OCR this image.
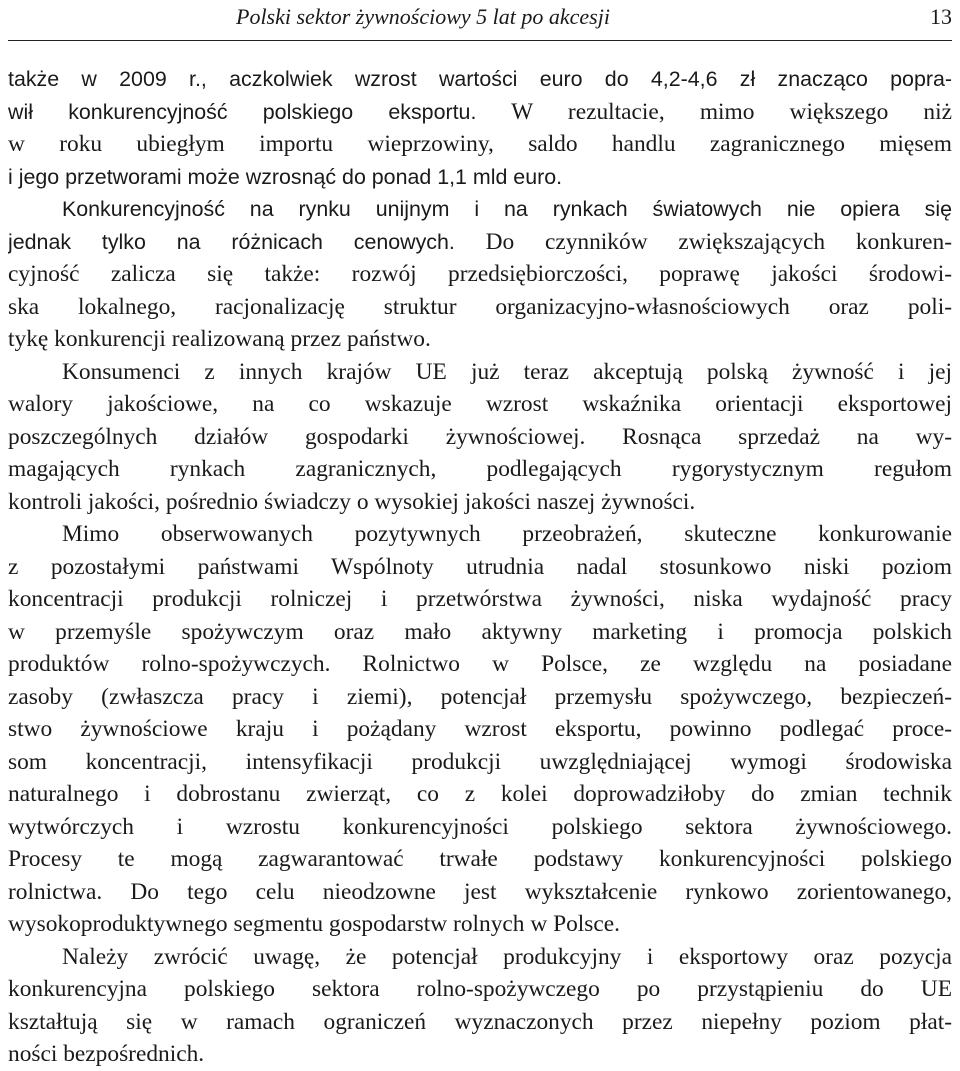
Polski sektor żywnościowy 5 lat po akcesji	13
także w 2009 r., aczkolwiek wzrost wartości euro do 4,2-4,6 zł znacząco popra-
wił konkurencyjność polskiego eksportu. W rezultacie, mimo większego niż
w roku ubiegłym importu wieprzowiny, saldo handlu zagranicznego mięsem
i jego przetworami może wzrosnąć do ponad 1,1 mld euro.
Konkurencyjność na rynku unijnym i na rynkach światowych nie opiera się
jednak tylko na różnicach cenowych. Do czynników zwiększających konkuren-
cyjność zalicza się także: rozwój przedsiębiorczości, poprawę jakości środowi-
ska lokalnego, racjonalizację struktur organizacyjno-własnościowych oraz poli-
tykę konkurencji realizowaną przez państwo.
Konsumenci z innych krajów UE już teraz akceptują polską żywność i jej
walory jakościowe, na co wskazuje wzrost wskaźnika orientacji eksportowej
poszczególnych działów gospodarki żywnościowej. Rosnąca sprzedaż na wy-
magających rynkach zagranicznych, podlegających rygorystycznym regułom
kontroli jakości, pośrednio świadczy o wysokiej jakości naszej żywności.
Mimo obserwowanych pozytywnych przeobrażeń, skuteczne konkurowanie
z pozostałymi państwami Wspólnoty utrudnia nadal stosunkowo niski poziom
koncentracji produkcji rolniczej i przetwórstwa żywności, niska wydajność pracy
w przemyśle spożywczym oraz mało aktywny marketing i promocja polskich
produktów rolno-spożywczych. Rolnictwo w Polsce, ze względu na posiadane
zasoby (zwłaszcza pracy i ziemi), potencjał przemysłu spożywczego, bezpieczeń-
stwo żywnościowe kraju i pożądany wzrost eksportu, powinno podlegać proce-
som koncentracji, intensyfikacji produkcji uwzględniającej wymogi środowiska
naturalnego i dobrostanu zwierząt, co z kolei doprowadziłoby do zmian technik
wytwórczych i wzrostu konkurencyjności polskiego sektora żywnościowego.
Procesy te mogą zagwarantować trwałe podstawy konkurencyjności polskiego
rolnictwa. Do tego celu nieodzowne jest wykształcenie rynkowo zorientowanego,
wysokoproduktywnego segmentu gospodarstw rolnych w Polsce.
Należy zwrócić uwagę, że potencjał produkcyjny i eksportowy oraz pozycja
konkurencyjna polskiego sektora rolno-spożywczego po przystąpieniu do UE
kształtują się w ramach ograniczeń wyznaczonych przez niepełny poziom płat-
ności bezpośrednich.
